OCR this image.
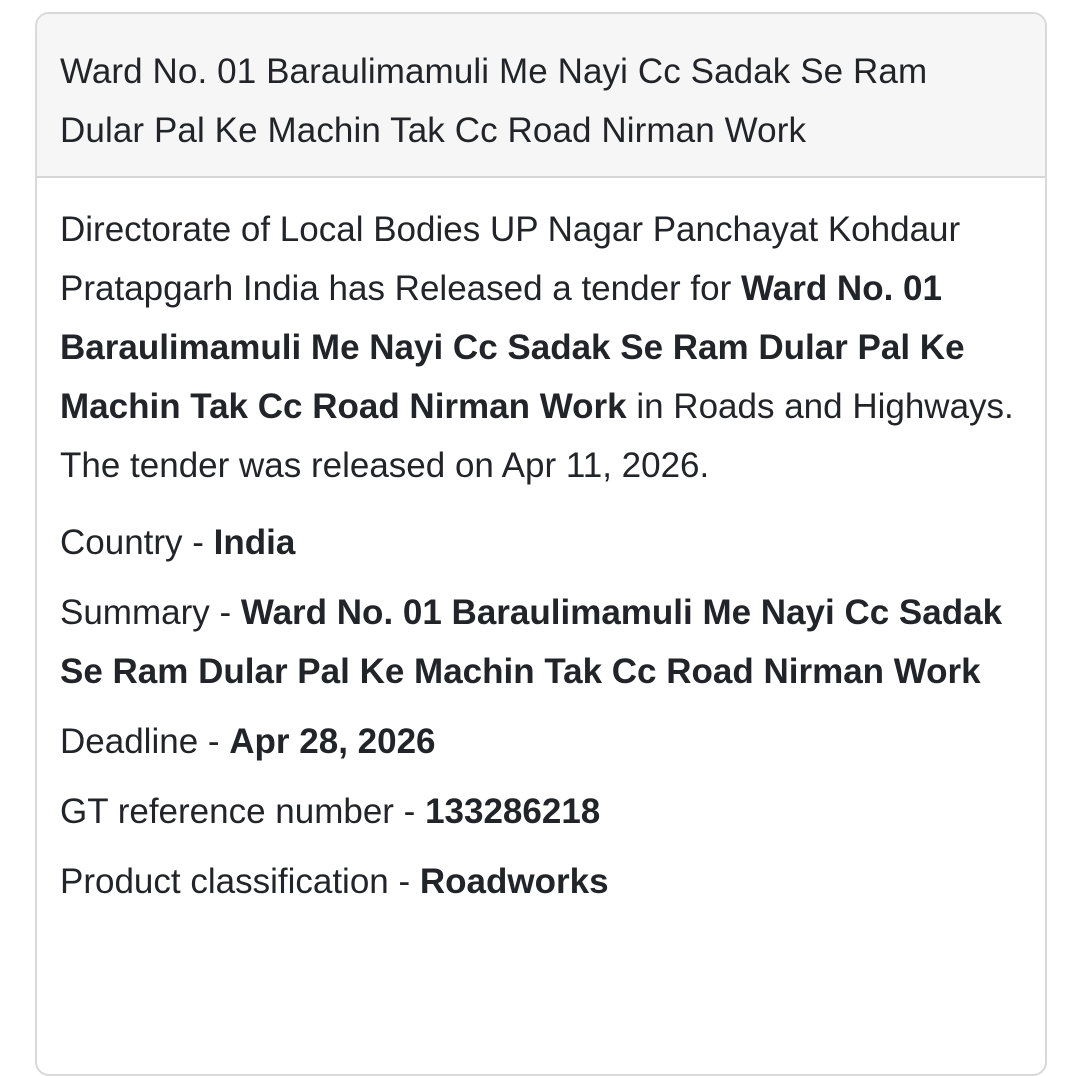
Ward No. 01 Baraulimamuli Me Nayi Cc Sadak Se Ram Dular Pal Ke Machin Tak Cc Road Nirman Work

Directorate of Local Bodies UP Nagar Panchayat Kohdaur Pratapgarh India has Released a tender for Ward No. 01 Baraulimamuli Me Nayi Cc Sadak Se Ram Dular Pal Ke Machin Tak Cc Road Nirman Work in Roads and Highways. The tender was released on Apr 11, 2026.

Country - India

Summary - Ward No. 01 Baraulimamuli Me Nayi Cc Sadak Se Ram Dular Pal Ke Machin Tak Cc Road Nirman Work

Deadline - Apr 28, 2026

GT reference number - 133286218

Product classification - Roadworks
